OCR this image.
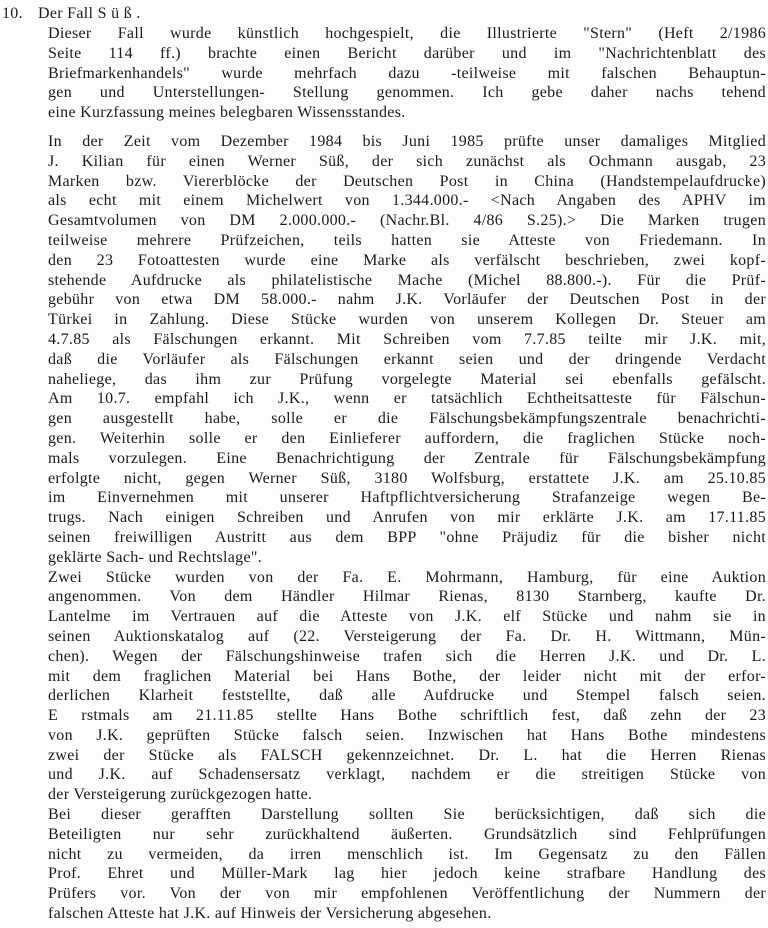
10. Der Fall S ü ß .
Dieser Fall wurde künstlich hochgespielt, die Illustrierte "Stern" (Heft 2/1986
Seite 114 ff.) brachte einen Bericht darüber und im "Nachrichtenblatt des
Briefmarkenhandels" wurde mehrfach dazu -teilweise mit falschen Behauptun-
gen und Unterstellungen- Stellung genommen. Ich gebe daher nachs tehend
eine Kurzfassung meines belegbaren Wissensstandes.
In der Zeit vom Dezember 1984 bis Juni 1985 prüfte unser damaliges Mitglied
J. Kilian für einen Werner Süß, der sich zunächst als Ochmann ausgab, 23
Marken bzw. Viererblöcke der Deutschen Post in China (Handstempelaufdrucke)
als echt mit einem Michelwert von 1.344.000.- <Nach Angaben des APHV im
Gesamtvolumen von DM 2.000.000.- (Nachr.Bl. 4/86 S.25).> Die Marken trugen
teilweise mehrere Prüfzeichen, teils hatten sie Atteste von Friedemann. In
den 23 Fotoattesten wurde eine Marke als verfälscht beschrieben, zwei kopf-
stehende Aufdrucke als philatelistische Mache (Michel 88.800.-). Für die Prüf-
gebühr von etwa DM 58.000.- nahm J.K. Vorläufer der Deutschen Post in der
Türkei in Zahlung. Diese Stücke wurden von unserem Kollegen Dr. Steuer am
4.7.85 als Fälschungen erkannt. Mit Schreiben vom 7.7.85 teilte mir J.K. mit,
daß die Vorläufer als Fälschungen erkannt seien und der dringende Verdacht
naheliege, das ihm zur Prüfung vorgelegte Material sei ebenfalls gefälscht.
Am 10.7. empfahl ich J.K., wenn er tatsächlich Echtheitsatteste für Fälschun-
gen ausgestellt habe, solle er die Fälschungsbekämpfungszentrale benachrichti-
gen. Weiterhin solle er den Einlieferer auffordern, die fraglichen Stücke noch-
mals vorzulegen. Eine Benachrichtigung der Zentrale für Fälschungsbekämpfung
erfolgte nicht, gegen Werner Süß, 3180 Wolfsburg, erstattete J.K. am 25.10.85
im Einvernehmen mit unserer Haftpflichtversicherung Strafanzeige wegen Be-
trugs. Nach einigen Schreiben und Anrufen von mir erklärte J.K. am 17.11.85
seinen freiwilligen Austritt aus dem BPP "ohne Präjudiz für die bisher nicht
geklärte Sach- und Rechtslage".
Zwei Stücke wurden von der Fa. E. Mohrmann, Hamburg, für eine Auktion
angenommen. Von dem Händler Hilmar Rienas, 8130 Starnberg, kaufte Dr.
Lantelme im Vertrauen auf die Atteste von J.K. elf Stücke und nahm sie in
seinen Auktionskatalog auf (22. Versteigerung der Fa. Dr. H. Wittmann, Mün-
chen). Wegen der Fälschungshinweise trafen sich die Herren J.K. und Dr. L.
mit dem fraglichen Material bei Hans Bothe, der leider nicht mit der erfor-
derlichen Klarheit feststellte, daß alle Aufdrucke und Stempel falsch seien.
E rstmals am 21.11.85 stellte Hans Bothe schriftlich fest, daß zehn der 23
von J.K. geprüften Stücke falsch seien. Inzwischen hat Hans Bothe mindestens
zwei der Stücke als FALSCH gekennzeichnet. Dr. L. hat die Herren Rienas
und J.K. auf Schadensersatz verklagt, nachdem er die streitigen Stücke von
der Versteigerung zurückgezogen hatte.
Bei dieser gerafften Darstellung sollten Sie berücksichtigen, daß sich die
Beteiligten nur sehr zurückhaltend äußerten. Grundsätzlich sind Fehlprüfungen
nicht zu vermeiden, da irren menschlich ist. Im Gegensatz zu den Fällen
Prof. Ehret und Müller-Mark lag hier jedoch keine strafbare Handlung des
Prüfers vor. Von der von mir empfohlenen Veröffentlichung der Nummern der
falschen Atteste hat J.K. auf Hinweis der Versicherung abgesehen.
